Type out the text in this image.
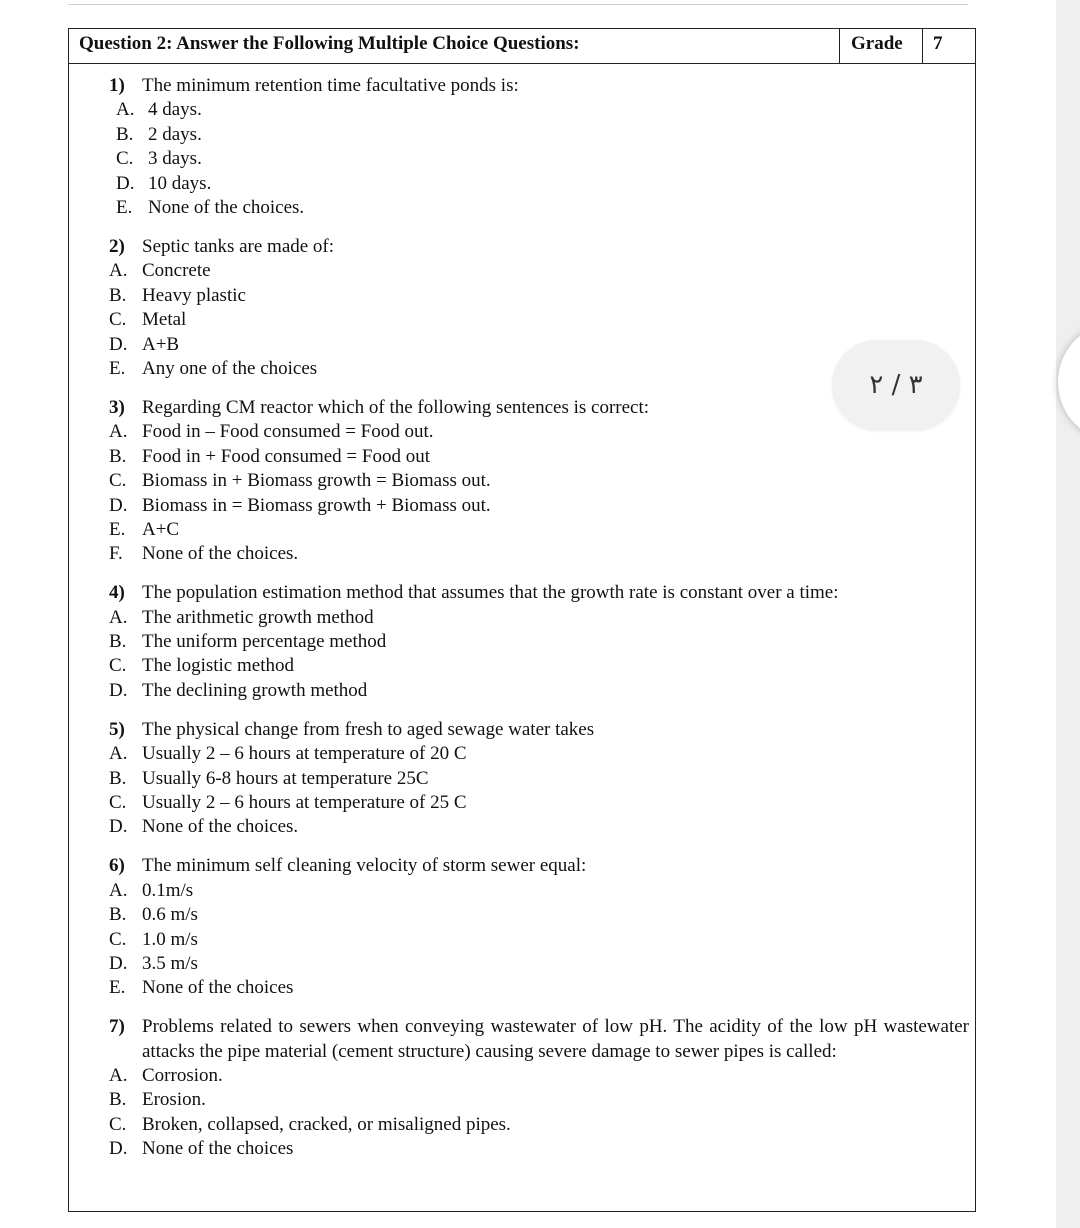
Question 2: Answer the Following Multiple Choice Questions:	Grade 7
1) The minimum retention time facultative ponds is:
A. 4 days.
B. 2 days.
C. 3 days.
D. 10 days.
E. None of the choices.
2) Septic tanks are made of:
A. Concrete
B. Heavy plastic
C. Metal
D. A+B
E. Any one of the choices
3) Regarding CM reactor which of the following sentences is correct:
A. Food in – Food consumed = Food out.
B. Food in + Food consumed = Food out
C. Biomass in + Biomass growth = Biomass out.
D. Biomass in = Biomass growth + Biomass out.
E. A+C
F.	None of the choices.
4) The population estimation method that assumes that the growth rate is constant over a time:
A. The arithmetic growth method
B. The uniform percentage method
C. The logistic method
D. The declining growth method
5) The physical change from fresh to aged sewage water takes
A. Usually 2 – 6 hours at temperature of 20 C
B. Usually 6-8 hours at temperature 25C
C. Usually 2 – 6 hours at temperature of 25 C
D. None of the choices.
6) The minimum self cleaning velocity of storm sewer equal:
A. 0.1m/s
B. 0.6 m/s
C. 1.0 m/s
D. 3.5 m/s
E. None of the choices
7) Problems related to sewers when conveying wastewater of low pH. The acidity of the low pH wastewater attacks the pipe material (cement structure) causing severe damage to sewer pipes is called:
A. Corrosion.
B. Erosion.
C. Broken, collapsed, cracked, or misaligned pipes.
D. None of the choices
٣ / ٢
